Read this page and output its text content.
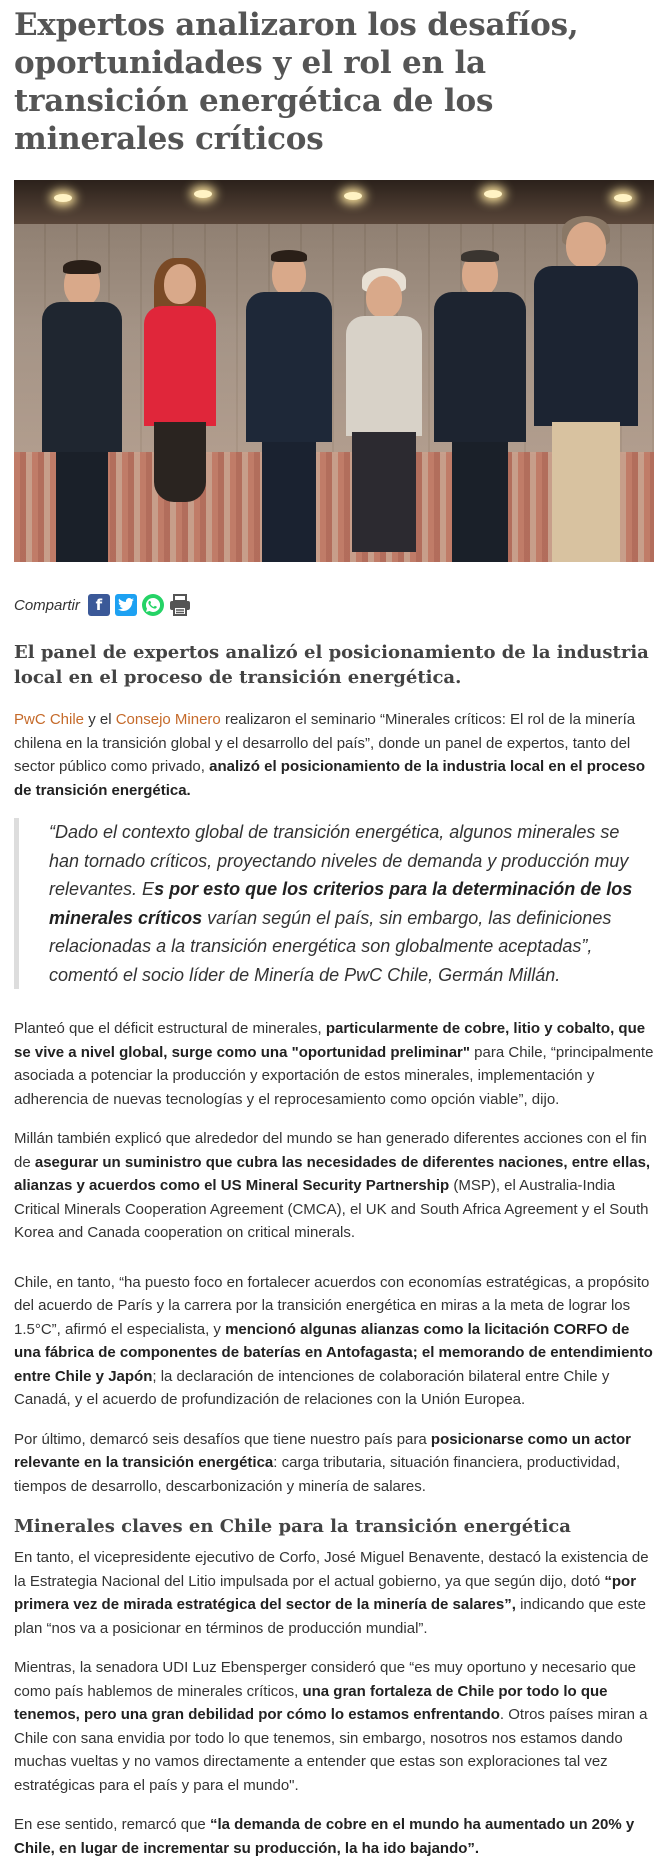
Expertos analizaron los desafíos, oportunidades y el rol en la transición energética de los minerales críticos
Compartir	f
El panel de expertos analizó el posicionamiento de la industria local en el proceso de transición energética.

PwC Chile y el Consejo Minero realizaron el seminario “Minerales críticos: El rol de la minería chilena en la transición global y el desarrollo del país”, donde un panel de expertos, tanto del sector público como privado, analizó el posicionamiento de la industria local en el proceso de transición energética.

“Dado el contexto global de transición energética, algunos minerales se han tornado críticos, proyectando niveles de demanda y producción muy relevantes. Es por esto que los criterios para la determinación de los minerales críticos varían según el país, sin embargo, las definiciones relacionadas a la transición energética son globalmente aceptadas”, comentó el socio líder de Minería de PwC Chile, Germán Millán.

Planteó que el déficit estructural de minerales, particularmente de cobre, litio y cobalto, que se vive a nivel global, surge como una "oportunidad preliminar" para Chile, “principalmente asociada a potenciar la producción y exportación de estos minerales, implementación y adherencia de nuevas tecnologías y el reprocesamiento como opción viable”, dijo.

Millán también explicó que alrededor del mundo se han generado diferentes acciones con el fin de asegurar un suministro que cubra las necesidades de diferentes naciones, entre ellas, alianzas y acuerdos como el US Mineral Security Partnership (MSP), el Australia-India Critical Minerals Cooperation Agreement (CMCA), el UK and South Africa Agreement y el South Korea and Canada cooperation on critical minerals.

Chile, en tanto, “ha puesto foco en fortalecer acuerdos con economías estratégicas, a propósito del acuerdo de París y la carrera por la transición energética en miras a la meta de lograr los 1.5°C”, afirmó el especialista, y mencionó algunas alianzas como la licitación CORFO de una fábrica de componentes de baterías en Antofagasta; el memorando de entendimiento entre Chile y Japón; la declaración de intenciones de colaboración bilateral entre Chile y Canadá, y el acuerdo de profundización de relaciones con la Unión Europea.

Por último, demarcó seis desafíos que tiene nuestro país para posicionarse como un actor relevante en la transición energética: carga tributaria, situación financiera, productividad, tiempos de desarrollo, descarbonización y minería de salares.

Minerales claves en Chile para la transición energética

En tanto, el vicepresidente ejecutivo de Corfo, José Miguel Benavente, destacó la existencia de la Estrategia Nacional del Litio impulsada por el actual gobierno, ya que según dijo, dotó “por primera vez de mirada estratégica del sector de la minería de salares”, indicando que este plan “nos va a posicionar en términos de producción mundial”.

Mientras, la senadora UDI Luz Ebensperger consideró que “es muy oportuno y necesario que como país hablemos de minerales críticos, una gran fortaleza de Chile por todo lo que tenemos, pero una gran debilidad por cómo lo estamos enfrentando. Otros países miran a Chile con sana envidia por todo lo que tenemos, sin embargo, nosotros nos estamos dando muchas vueltas y no vamos directamente a entender que estas son exploraciones tal vez estratégicas para el país y para el mundo".

En ese sentido, remarcó que “la demanda de cobre en el mundo ha aumentado un 20% y Chile, en lugar de incrementar su producción, la ha ido bajando”.
